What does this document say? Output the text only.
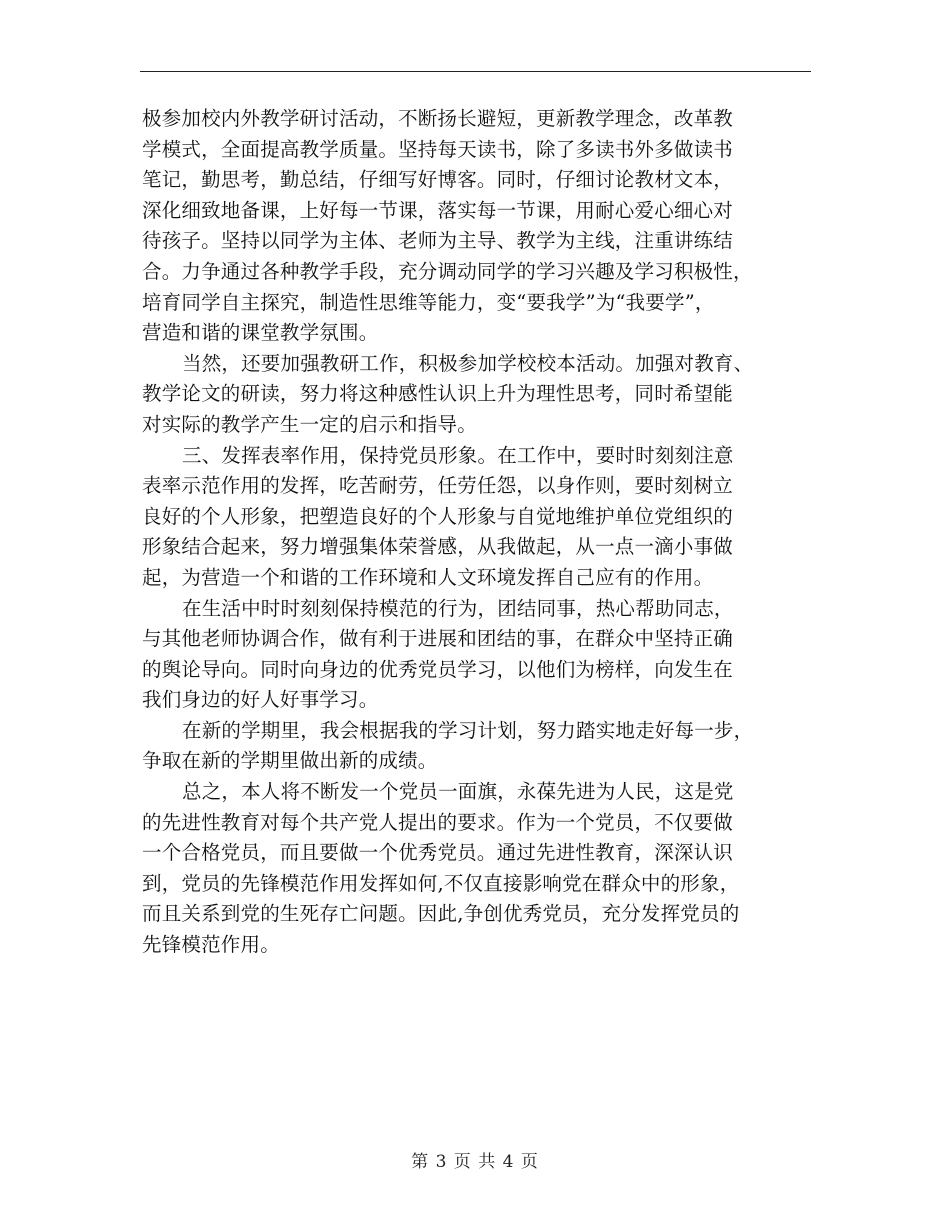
极参加校内外教学研讨活动，不断扬长避短，更新教学理念，改革教
学模式，全面提高教学质量。坚持每天读书，除了多读书外多做读书
笔记，勤思考，勤总结，仔细写好博客。同时，仔细讨论教材文本，
深化细致地备课，上好每一节课，落实每一节课，用耐心爱心细心对
待孩子。坚持以同学为主体、老师为主导、教学为主线，注重讲练结
合。力争通过各种教学手段，充分调动同学的学习兴趣及学习积极性，
培育同学自主探究，制造性思维等能力，变“要我学”为“我要学”，
营造和谐的课堂教学氛围。

当然，还要加强教研工作，积极参加学校校本活动。加强对教育、
教学论文的研读，努力将这种感性认识上升为理性思考，同时希望能
对实际的教学产生一定的启示和指导。

三、发挥表率作用，保持党员形象。在工作中，要时时刻刻注意
表率示范作用的发挥，吃苦耐劳，任劳任怨，以身作则，要时刻树立
良好的个人形象，把塑造良好的个人形象与自觉地维护单位党组织的
形象结合起来，努力增强集体荣誉感，从我做起，从一点一滴小事做
起，为营造一个和谐的工作环境和人文环境发挥自己应有的作用。

在生活中时时刻刻保持模范的行为，团结同事，热心帮助同志，
与其他老师协调合作，做有利于进展和团结的事，在群众中坚持正确
的舆论导向。同时向身边的优秀党员学习，以他们为榜样，向发生在
我们身边的好人好事学习。

在新的学期里，我会根据我的学习计划，努力踏实地走好每一步，
争取在新的学期里做出新的成绩。

总之，本人将不断发一个党员一面旗，永葆先进为人民，这是党
的先进性教育对每个共产党人提出的要求。作为一个党员，不仅要做
一个合格党员，而且要做一个优秀党员。通过先进性教育，深深认识
到，党员的先锋模范作用发挥如何,不仅直接影响党在群众中的形象，
而且关系到党的生死存亡问题。因此,争创优秀党员，充分发挥党员的
先锋模范作用。

第 3 页 共 4 页
